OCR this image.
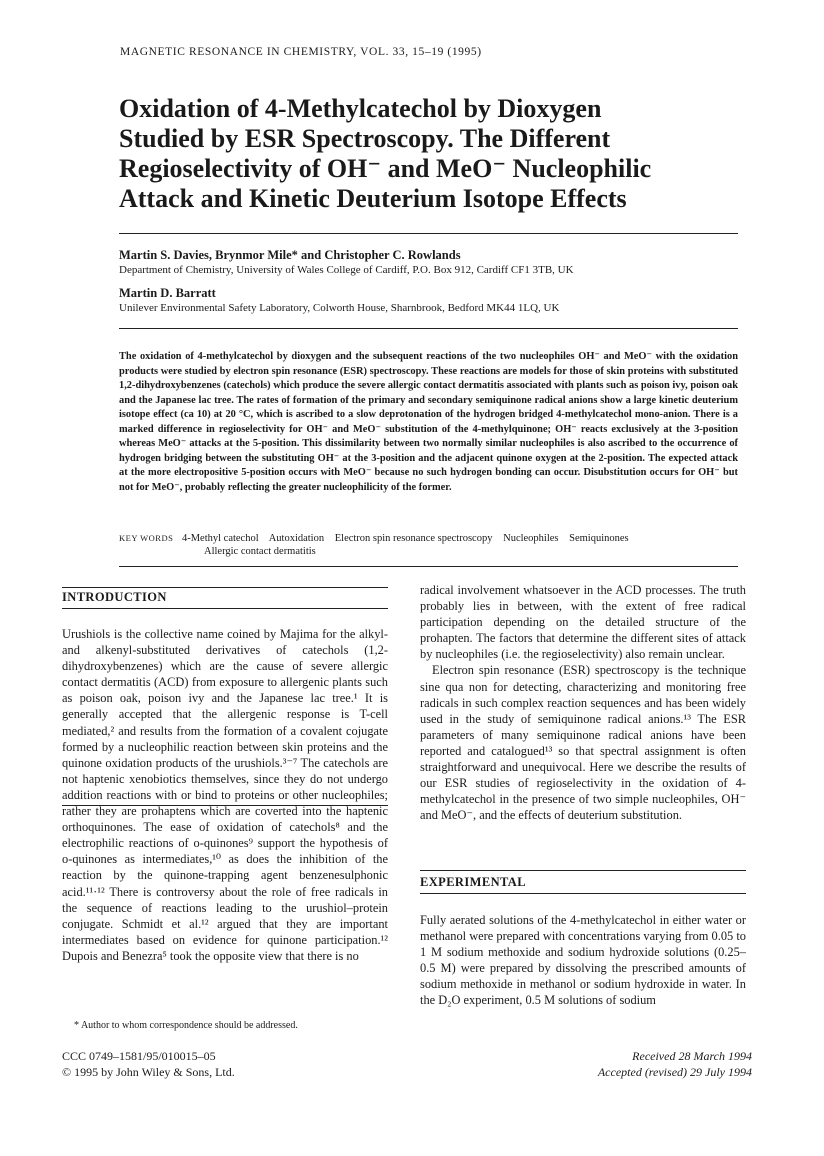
MAGNETIC RESONANCE IN CHEMISTRY, VOL. 33, 15–19 (1995)
Oxidation of 4-Methylcatechol by Dioxygen
Studied by ESR Spectroscopy. The Different
Regioselectivity of OH⁻ and MeO⁻ Nucleophilic
Attack and Kinetic Deuterium Isotope Effects
Martin S. Davies, Brynmor Mile* and Christopher C. Rowlands
Department of Chemistry, University of Wales College of Cardiff, P.O. Box 912, Cardiff CF1 3TB, UK
Martin D. Barratt
Unilever Environmental Safety Laboratory, Colworth House, Sharnbrook, Bedford MK44 1LQ, UK
The oxidation of 4-methylcatechol by dioxygen and the subsequent reactions of the two nucleophiles OH⁻ and MeO⁻ with the oxidation products were studied by electron spin resonance (ESR) spectroscopy. These reactions are models for those of skin proteins with substituted 1,2-dihydroxybenzenes (catechols) which produce the severe allergic contact dermatitis associated with plants such as poison ivy, poison oak and the Japanese lac tree. The rates of formation of the primary and secondary semiquinone radical anions show a large kinetic deuterium isotope effect (ca 10) at 20 °C, which is ascribed to a slow deprotonation of the hydrogen bridged 4-methylcatechol mono-anion. There is a marked difference in regioselectivity for OH⁻ and MeO⁻ substitution of the 4-methylquinone; OH⁻ reacts exclusively at the 3-position whereas MeO⁻ attacks at the 5-position. This dissimilarity between two normally similar nucleophiles is also ascribed to the occurrence of hydrogen bridging between the substituting OH⁻ at the 3-position and the adjacent quinone oxygen at the 2-position. The expected attack at the more electropositive 5-position occurs with MeO⁻ because no such hydrogen bonding can occur. Disubstitution occurs for OH⁻ but not for MeO⁻, probably reflecting the greater nucleophilicity of the former.
KEY WORDS 4-Methyl catechol Autoxidation Electron spin resonance spectroscopy Nucleophiles Semiquinones
Allergic contact dermatitis
INTRODUCTION

Urushiols is the collective name coined by Majima for the alkyl- and alkenyl-substituted derivatives of catechols (1,2-dihydroxybenzenes) which are the cause of severe allergic contact dermatitis (ACD) from exposure to allergenic plants such as poison oak, poison ivy and the Japanese lac tree.¹ It is generally accepted that the allergenic response is T-cell mediated,² and results from the formation of a covalent cojugate formed by a nucleophilic reaction between skin proteins and the quinone oxidation products of the urushiols.³⁻⁷ The catechols are not haptenic xenobiotics themselves, since they do not undergo addition reactions with or bind to proteins or other nucleophiles; rather they are prohaptens which are coverted into the haptenic orthoquinones. The ease of oxidation of catechols⁸ and the electrophilic reactions of o-quinones⁹ support the hypothesis of o-quinones as intermediates,¹⁰ as does the inhibition of the reaction by the quinone-trapping agent benzenesulphonic acid.¹¹·¹² There is controversy about the role of free radicals in the sequence of reactions leading to the urushiol–protein conjugate. Schmidt et al.¹² argued that they are important intermediates based on evidence for quinone participation.¹² Dupois and Benezra⁵ took the opposite view that there is no

radical involvement whatsoever in the ACD processes. The truth probably lies in between, with the extent of free radical participation depending on the detailed structure of the prohapten. The factors that determine the different sites of attack by nucleophiles (i.e. the regioselectivity) also remain unclear.

Electron spin resonance (ESR) spectroscopy is the technique sine qua non for detecting, characterizing and monitoring free radicals in such complex reaction sequences and has been widely used in the study of semiquinone radical anions.¹³ The ESR parameters of many semiquinone radical anions have been reported and catalogued¹³ so that spectral assignment is often straightforward and unequivocal. Here we describe the results of our ESR studies of regioselectivity in the oxidation of 4-methylcatechol in the presence of two simple nucleophiles, OH⁻ and MeO⁻, and the effects of deuterium substitution.

EXPERIMENTAL

Fully aerated solutions of the 4-methylcatechol in either water or methanol were prepared with concentrations varying from 0.05 to 1 M sodium methoxide and sodium hydroxide solutions (0.25–0.5 M) were prepared by dissolving the prescribed amounts of sodium methoxide in methanol or sodium hydroxide in water. In the D₂O experiment, 0.5 M solutions of sodium

* Author to whom correspondence should be addressed.
CCC 0749–1581/95/010015–05
© 1995 by John Wiley & Sons, Ltd.
Received 28 March 1994
Accepted (revised) 29 July 1994
